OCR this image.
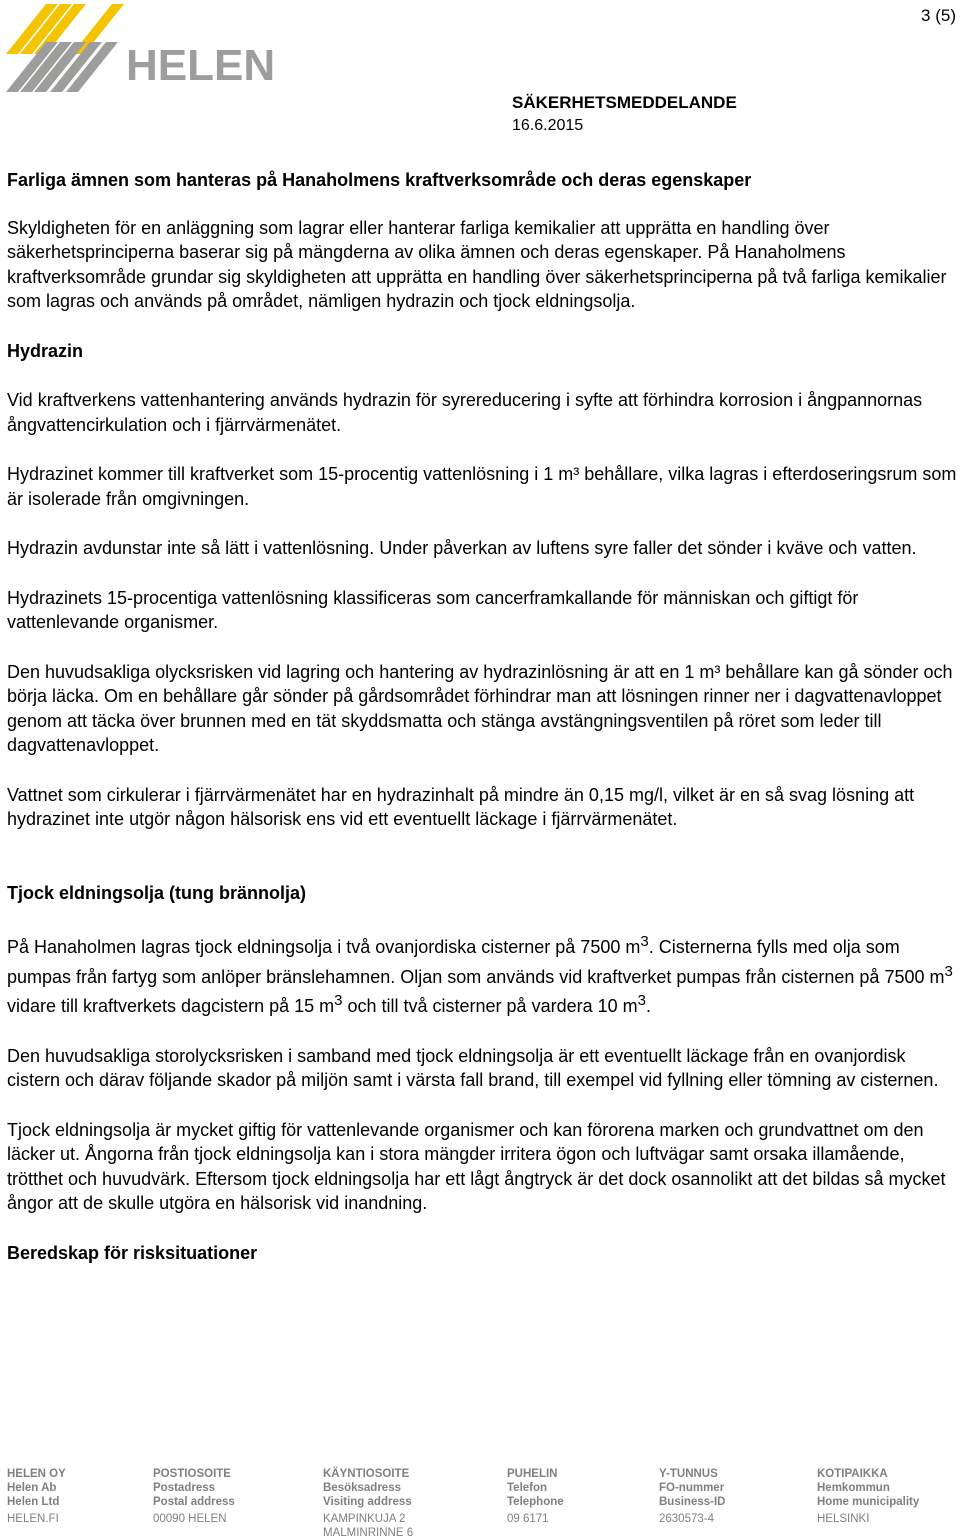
HELEN
3 (5)
SÄKERHETSMEDDELANDE
16.6.2015
Farliga ämnen som hanteras på Hanaholmens kraftverksområde och deras egenskaper

Skyldigheten för en anläggning som lagrar eller hanterar farliga kemikalier att upprätta en handling över säkerhetsprinciperna baserar sig på mängderna av olika ämnen och deras egenskaper. På Hanaholmens kraftverksområde grundar sig skyldigheten att upprätta en handling över säkerhetsprinciperna på två farliga kemikalier som lagras och används på området, nämligen hydrazin och tjock eldningsolja.

Hydrazin

Vid kraftverkens vattenhantering används hydrazin för syrereducering i syfte att förhindra korrosion i ångpannornas ångvattencirkulation och i fjärrvärmenätet.

Hydrazinet kommer till kraftverket som 15-procentig vattenlösning i 1 m³ behållare, vilka lagras i efterdoseringsrum som är isolerade från omgivningen.

Hydrazin avdunstar inte så lätt i vattenlösning. Under påverkan av luftens syre faller det sönder i kväve och vatten.

Hydrazinets 15-procentiga vattenlösning klassificeras som cancerframkallande för människan och giftigt för vattenlevande organismer.

Den huvudsakliga olycksrisken vid lagring och hantering av hydrazinlösning är att en 1 m³ behållare kan gå sönder och börja läcka. Om en behållare går sönder på gårdsområdet förhindrar man att lösningen rinner ner i dagvattenavloppet genom att täcka över brunnen med en tät skyddsmatta och stänga avstängningsventilen på röret som leder till dagvattenavloppet.

Vattnet som cirkulerar i fjärrvärmenätet har en hydrazinhalt på mindre än 0,15 mg/l, vilket är en så svag lösning att hydrazinet inte utgör någon hälsorisk ens vid ett eventuellt läckage i fjärrvärmenätet.

Tjock eldningsolja (tung brännolja)

På Hanaholmen lagras tjock eldningsolja i två ovanjordiska cisterner på 7500 $m^3$. Cisternerna fylls med olja som pumpas från fartyg som anlöper bränslehamnen. Oljan som används vid kraftverket pumpas från cisternen på 7500 $m^3$ vidare till kraftverkets dagcistern på 15 $m^3$ och till två cisterner på vardera 10 $m^3$.

Den huvudsakliga storolycksrisken i samband med tjock eldningsolja är ett eventuellt läckage från en ovanjordisk cistern och därav följande skador på miljön samt i värsta fall brand, till exempel vid fyllning eller tömning av cisternen.

Tjock eldningsolja är mycket giftig för vattenlevande organismer och kan förorena marken och grundvattnet om den läcker ut. Ångorna från tjock eldningsolja kan i stora mängder irritera ögon och luftvägar samt orsaka illamående, trötthet och huvudvärk. Eftersom tjock eldningsolja har ett lågt ångtryck är det dock osannolikt att det bildas så mycket ångor att de skulle utgöra en hälsorisk vid inandning.

Beredskap för risksituationer
HELEN OY
Helen Ab
Helen Ltd
HELEN.FI
POSTIOSOITE
Postadress
Postal address
00090 HELEN
KÄYNTIOSOITE
Besöksadress
Visiting address
KAMPINKUJA 2
MALMINRINNE 6
PUHELIN
Telefon
Telephone
09 6171
Y-TUNNUS
FO-nummer
Business-ID
2630573-4
KOTIPAIKKA
Hemkommun
Home municipality
HELSINKI
